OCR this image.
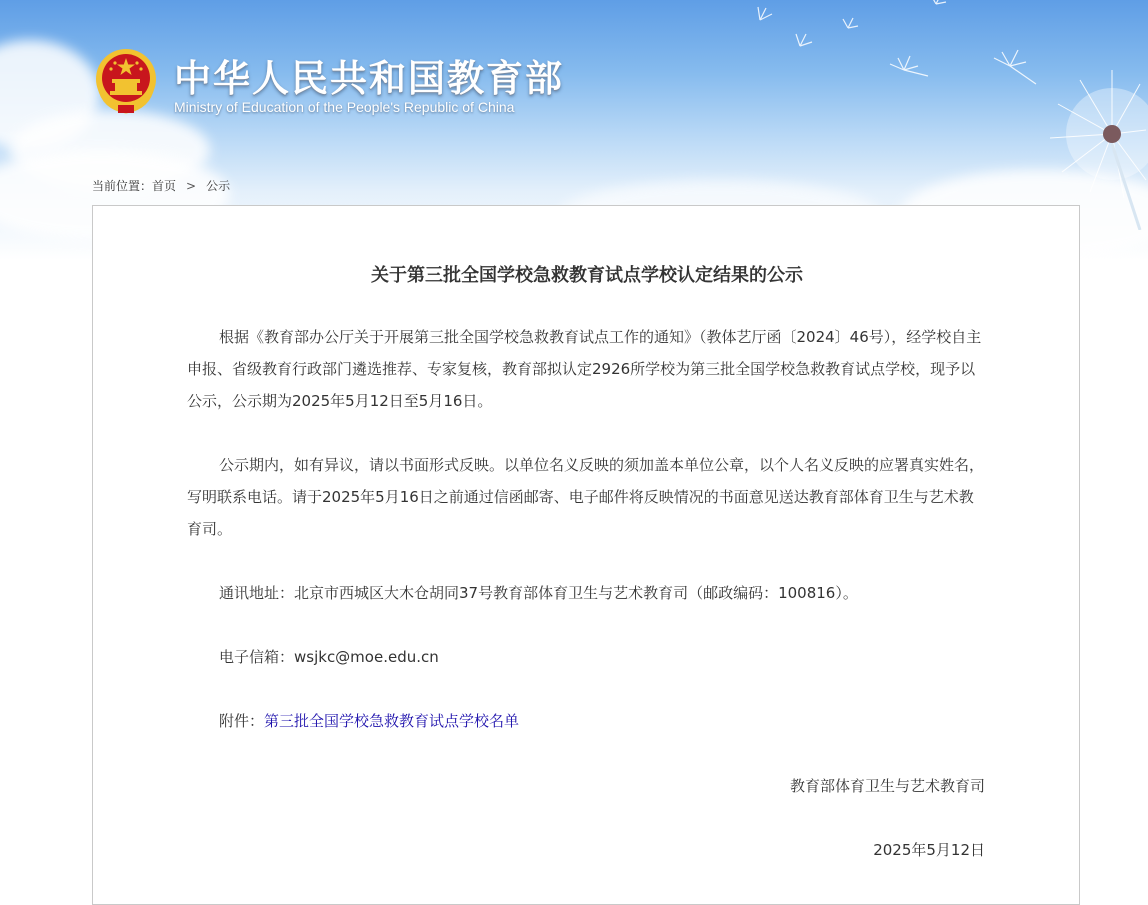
中华人民共和国教育部
Ministry of Education of the People's Republic of China
当前位置：首页 > 公示
关于第三批全国学校急救教育试点学校认定结果的公示

根据《教育部办公厅关于开展第三批全国学校急救教育试点工作的通知》（教体艺厅函〔2024〕46号），经学校自主申报、省级教育行政部门遴选推荐、专家复核，教育部拟认定2926所学校为第三批全国学校急救教育试点学校，现予以公示，公示期为2025年5月12日至5月16日。

公示期内，如有异议，请以书面形式反映。以单位名义反映的须加盖本单位公章，以个人名义反映的应署真实姓名，写明联系电话。请于2025年5月16日之前通过信函邮寄、电子邮件将反映情况的书面意见送达教育部体育卫生与艺术教育司。

通讯地址：北京市西城区大木仓胡同37号教育部体育卫生与艺术教育司（邮政编码：100816）。

电子信箱：wsjkc@moe.edu.cn

附件：第三批全国学校急救教育试点学校名单

教育部体育卫生与艺术教育司
2025年5月12日
